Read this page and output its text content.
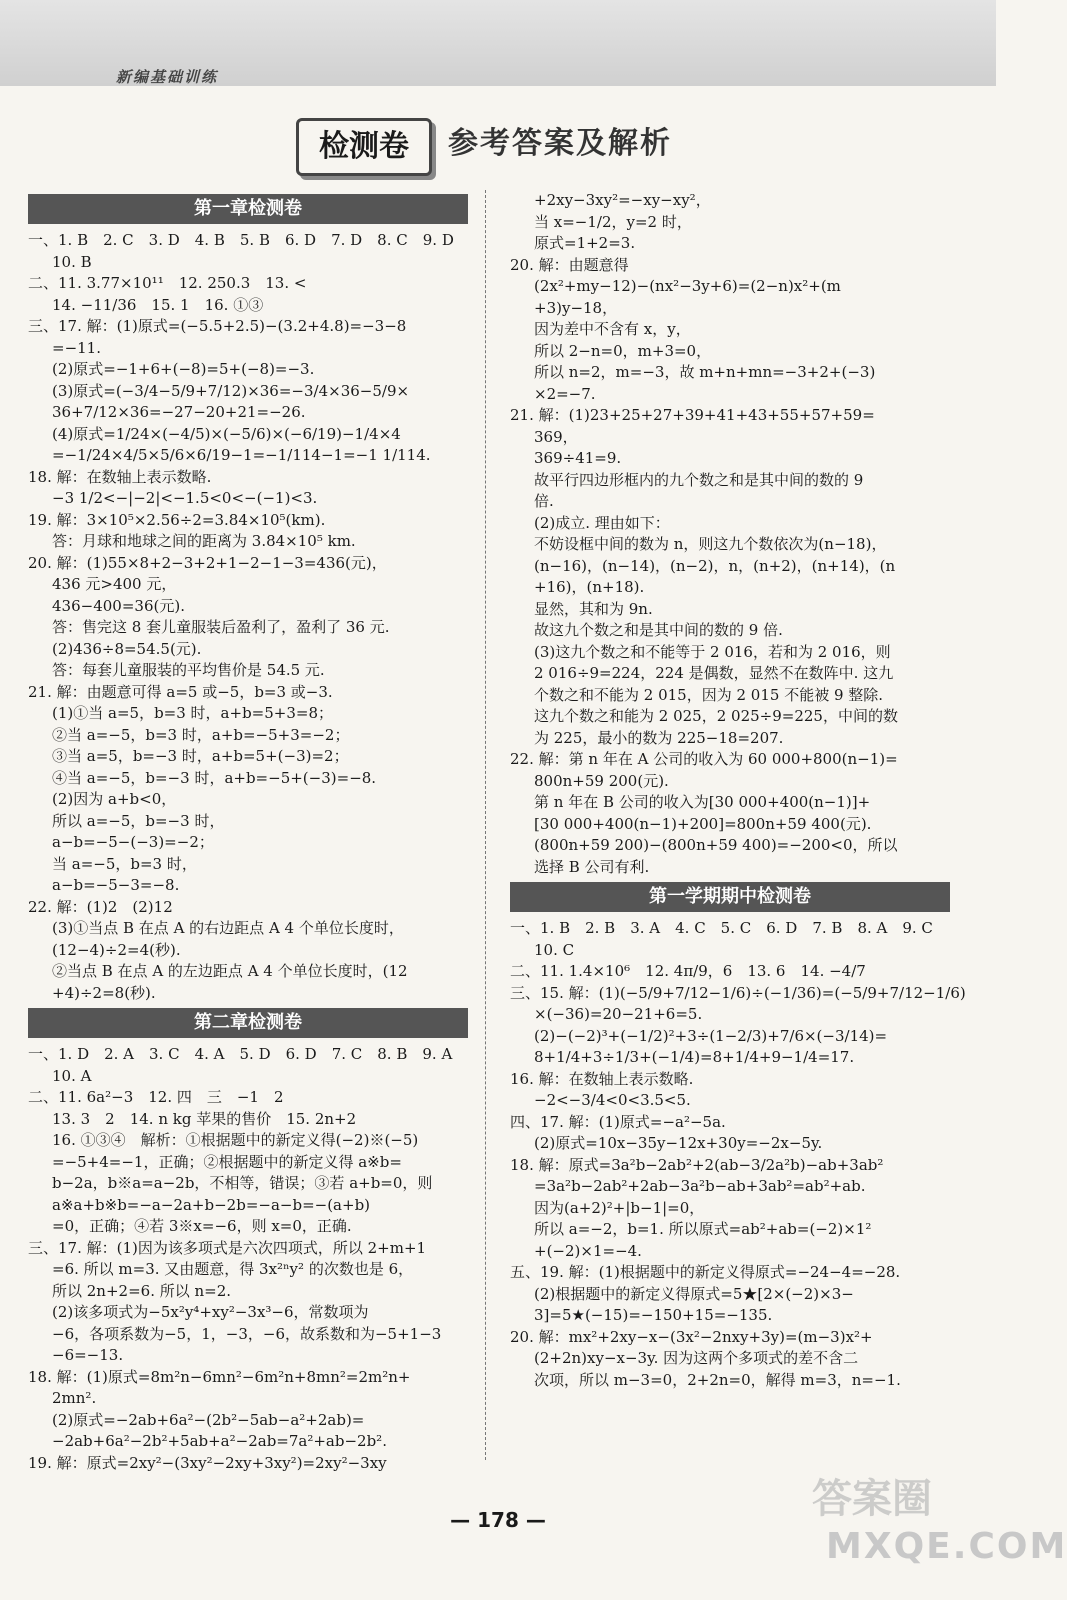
新编基础训练
检测卷	参考答案及解析
第一章检测卷
一、1. B　2. C　3. D　4. B　5. B　6. D　7. D　8. C　9. D
10. B
二、11. 3.77×10¹¹　12. 250.3　13. <
14. −11/36　15. 1　16. ①③
三、17. 解：(1)原式=(−5.5+2.5)−(3.2+4.8)=−3−8
=−11.
(2)原式=−1+6+(−8)=5+(−8)=−3.
(3)原式=(−3/4−5/9+7/12)×36=−3/4×36−5/9×
36+7/12×36=−27−20+21=−26.
(4)原式=1/24×(−4/5)×(−5/6)×(−6/19)−1/4×4
=−1/24×4/5×5/6×6/19−1=−1/114−1=−1 1/114.
18. 解：在数轴上表示数略.
−3 1/2<−|−2|<−1.5<0<−(−1)<3.
19. 解：3×10⁵×2.56÷2=3.84×10⁵(km).
答：月球和地球之间的距离为 3.84×10⁵ km.
20. 解：(1)55×8+2−3+2+1−2−1−3=436(元)，
436 元>400 元，
436−400=36(元).
答：售完这 8 套儿童服装后盈利了，盈利了 36 元.
(2)436÷8=54.5(元).
答：每套儿童服装的平均售价是 54.5 元.
21. 解：由题意可得 a=5 或−5，b=3 或−3.
(1)①当 a=5，b=3 时，a+b=5+3=8；
②当 a=−5，b=3 时，a+b=−5+3=−2；
③当 a=5，b=−3 时，a+b=5+(−3)=2；
④当 a=−5，b=−3 时，a+b=−5+(−3)=−8.
(2)因为 a+b<0，
所以 a=−5，b=−3 时，
a−b=−5−(−3)=−2；
当 a=−5，b=3 时，
a−b=−5−3=−8.
22. 解：(1)2　(2)12
(3)①当点 B 在点 A 的右边距点 A 4 个单位长度时，
(12−4)÷2=4(秒).
②当点 B 在点 A 的左边距点 A 4 个单位长度时，(12
+4)÷2=8(秒).
第二章检测卷
一、1. D　2. A　3. C　4. A　5. D　6. D　7. C　8. B　9. A
10. A
二、11. 6a²−3　12. 四　三　−1　2
13. 3　2　14. n kg 苹果的售价　15. 2n+2
16. ①③④　解析：①根据题中的新定义得(−2)※(−5)
=−5+4=−1，正确；②根据题中的新定义得 a※b=
b−2a，b※a=a−2b，不相等，错误；③若 a+b=0，则
a※a+b※b=−a−2a+b−2b=−a−b=−(a+b)
=0，正确；④若 3※x=−6，则 x=0，正确.
三、17. 解：(1)因为该多项式是六次四项式，所以 2+m+1
=6. 所以 m=3. 又由题意，得 3x²ⁿy² 的次数也是 6，
所以 2n+2=6. 所以 n=2.
(2)该多项式为−5x²y⁴+xy²−3x³−6，常数项为
−6，各项系数为−5，1，−3，−6，故系数和为−5+1−3
−6=−13.
18. 解：(1)原式=8m²n−6mn²−6m²n+8mn²=2m²n+
2mn².
(2)原式=−2ab+6a²−(2b²−5ab−a²+2ab)=
−2ab+6a²−2b²+5ab+a²−2ab=7a²+ab−2b².
19. 解：原式=2xy²−(3xy²−2xy+3xy²)=2xy²−3xy
+2xy−3xy²=−xy−xy²，
当 x=−1/2，y=2 时，
原式=1+2=3.
20. 解：由题意得
(2x²+my−12)−(nx²−3y+6)=(2−n)x²+(m
+3)y−18，
因为差中不含有 x，y，
所以 2−n=0，m+3=0，
所以 n=2，m=−3，故 m+n+mn=−3+2+(−3)
×2=−7.
21. 解：(1)23+25+27+39+41+43+55+57+59=
369，
369÷41=9.
故平行四边形框内的九个数之和是其中间的数的 9
倍.
(2)成立. 理由如下：
不妨设框中间的数为 n，则这九个数依次为(n−18)，
(n−16)，(n−14)，(n−2)，n，(n+2)，(n+14)，(n
+16)，(n+18).
显然，其和为 9n.
故这九个数之和是其中间的数的 9 倍.
(3)这九个数之和不能等于 2 016，若和为 2 016，则
2 016÷9=224，224 是偶数，显然不在数阵中. 这九
个数之和不能为 2 015，因为 2 015 不能被 9 整除.
这九个数之和能为 2 025，2 025÷9=225，中间的数
为 225，最小的数为 225−18=207.
22. 解：第 n 年在 A 公司的收入为 60 000+800(n−1)=
800n+59 200(元).
第 n 年在 B 公司的收入为[30 000+400(n−1)]+
[30 000+400(n−1)+200]=800n+59 400(元).
(800n+59 200)−(800n+59 400)=−200<0，所以
选择 B 公司有利.
第一学期期中检测卷
一、1. B　2. B　3. A　4. C　5. C　6. D　7. B　8. A　9. C
10. C
二、11. 1.4×10⁶　12. 4π/9，6　13. 6　14. −4/7
三、15. 解：(1)(−5/9+7/12−1/6)÷(−1/36)=(−5/9+7/12−1/6)
×(−36)=20−21+6=5.
(2)−(−2)³+(−1/2)²+3÷(1−2/3)+7/6×(−3/14)=
8+1/4+3÷1/3+(−1/4)=8+1/4+9−1/4=17.
16. 解：在数轴上表示数略.
−2<−3/4<0<3.5<5.
四、17. 解：(1)原式=−a²−5a.
(2)原式=10x−35y−12x+30y=−2x−5y.
18. 解：原式=3a²b−2ab²+2(ab−3/2a²b)−ab+3ab²
=3a²b−2ab²+2ab−3a²b−ab+3ab²=ab²+ab.
因为(a+2)²+|b−1|=0，
所以 a=−2，b=1. 所以原式=ab²+ab=(−2)×1²
+(−2)×1=−4.
五、19. 解：(1)根据题中的新定义得原式=−24−4=−28.
(2)根据题中的新定义得原式=5★[2×(−2)×3−
3]=5★(−15)=−150+15=−135.
20. 解：mx²+2xy−x−(3x²−2nxy+3y)=(m−3)x²+
(2+2n)xy−x−3y. 因为这两个多项式的差不含二
次项，所以 m−3=0，2+2n=0，解得 m=3，n=−1.
— 178 —	答案圈
MXQE.COM
